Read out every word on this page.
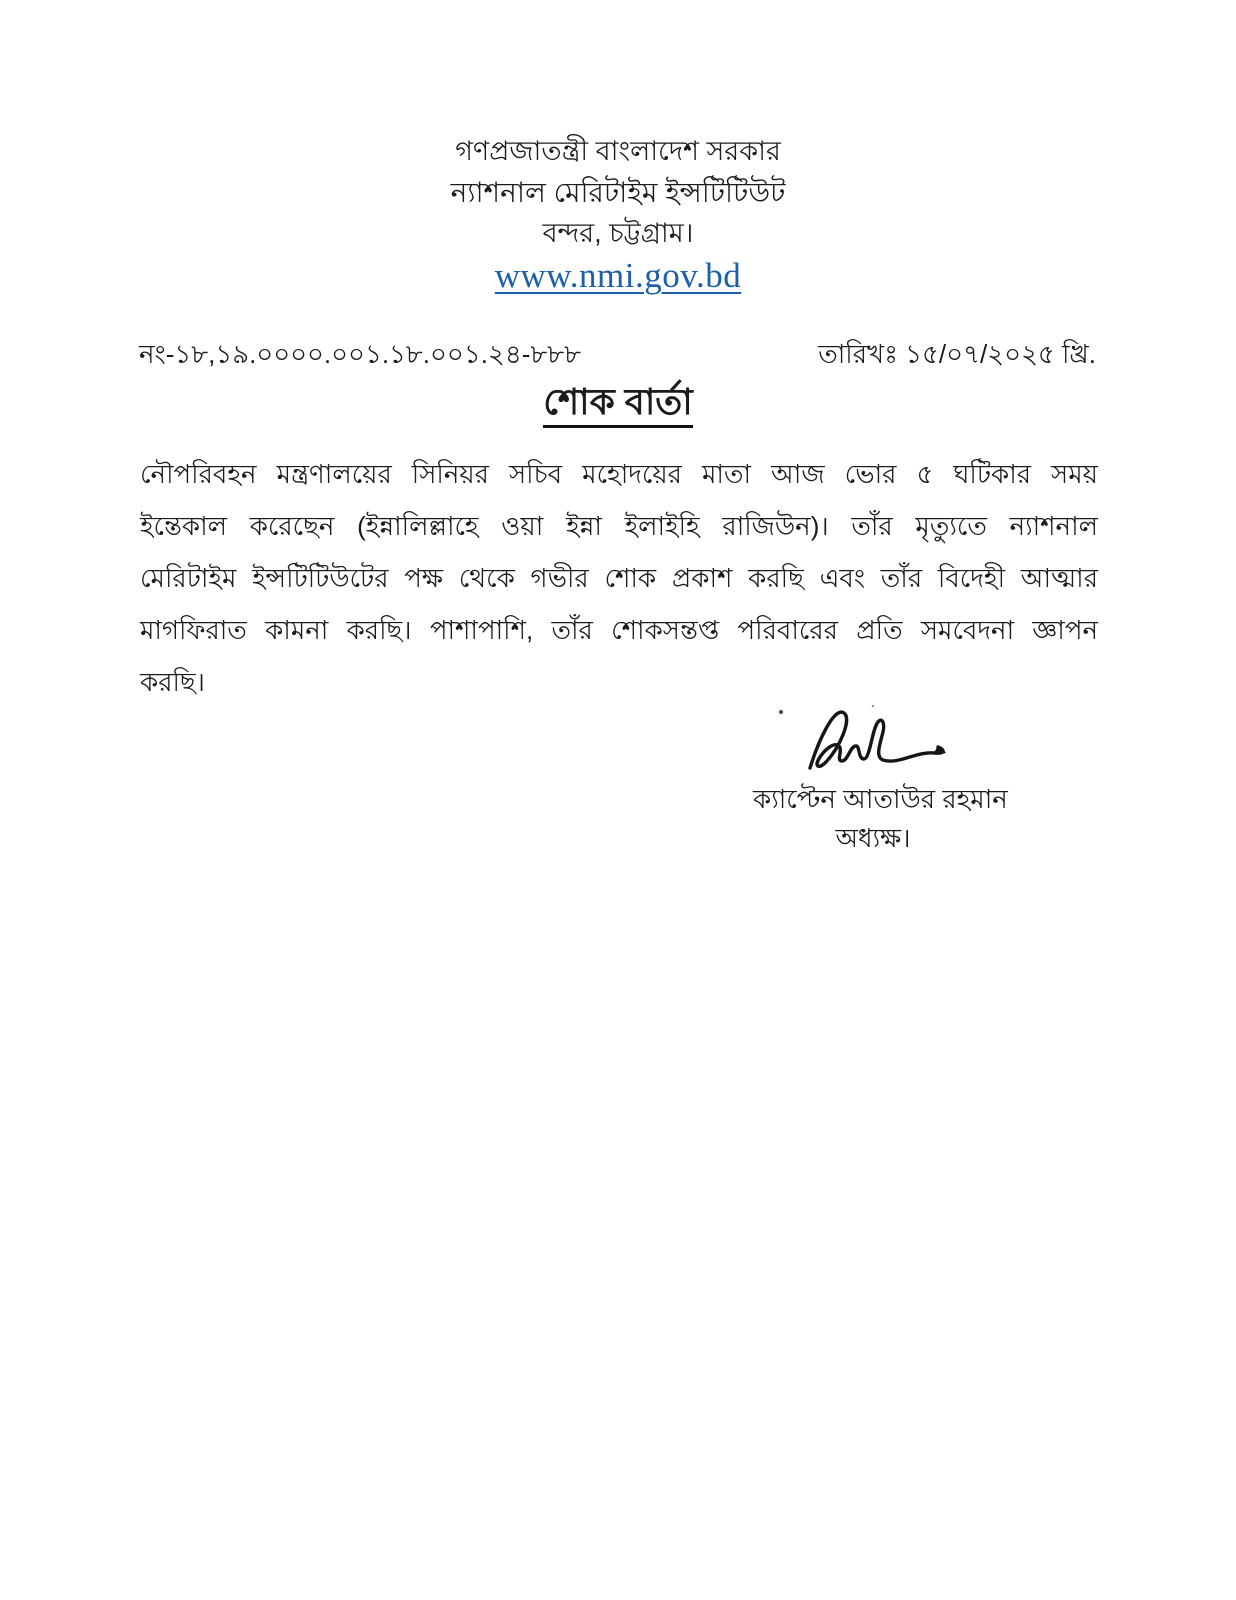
গণপ্রজাতন্ত্রী বাংলাদেশ সরকার
ন্যাশনাল মেরিটাইম ইন্সটিটিউট
বন্দর, চট্টগ্রাম।
www.nmi.gov.bd
নং-১৮,১৯.০০০০.০০১.১৮.০০১.২৪-৮৮৮	তারিখঃ ১৫/০৭/২০২৫ খ্রি.
শোক বার্তা

নৌপরিবহন মন্ত্রণালয়ের সিনিয়র সচিব মহোদয়ের মাতা আজ ভোর ৫ ঘটিকার সময় ইন্তেকাল করেছেন (ইন্নালিল্লাহে ওয়া ইন্না ইলাইহি রাজিউন)। তাঁর মৃত্যুতে ন্যাশনাল মেরিটাইম ইন্সটিটিউটের পক্ষ থেকে গভীর শোক প্রকাশ করছি এবং তাঁর বিদেহী আত্মার মাগফিরাত কামনা করছি। পাশাপাশি, তাঁর শোকসন্তপ্ত পরিবারের প্রতি সমবেদনা জ্ঞাপন করছি।

ক্যাপ্টেন আতাউর রহমান
অধ্যক্ষ।
